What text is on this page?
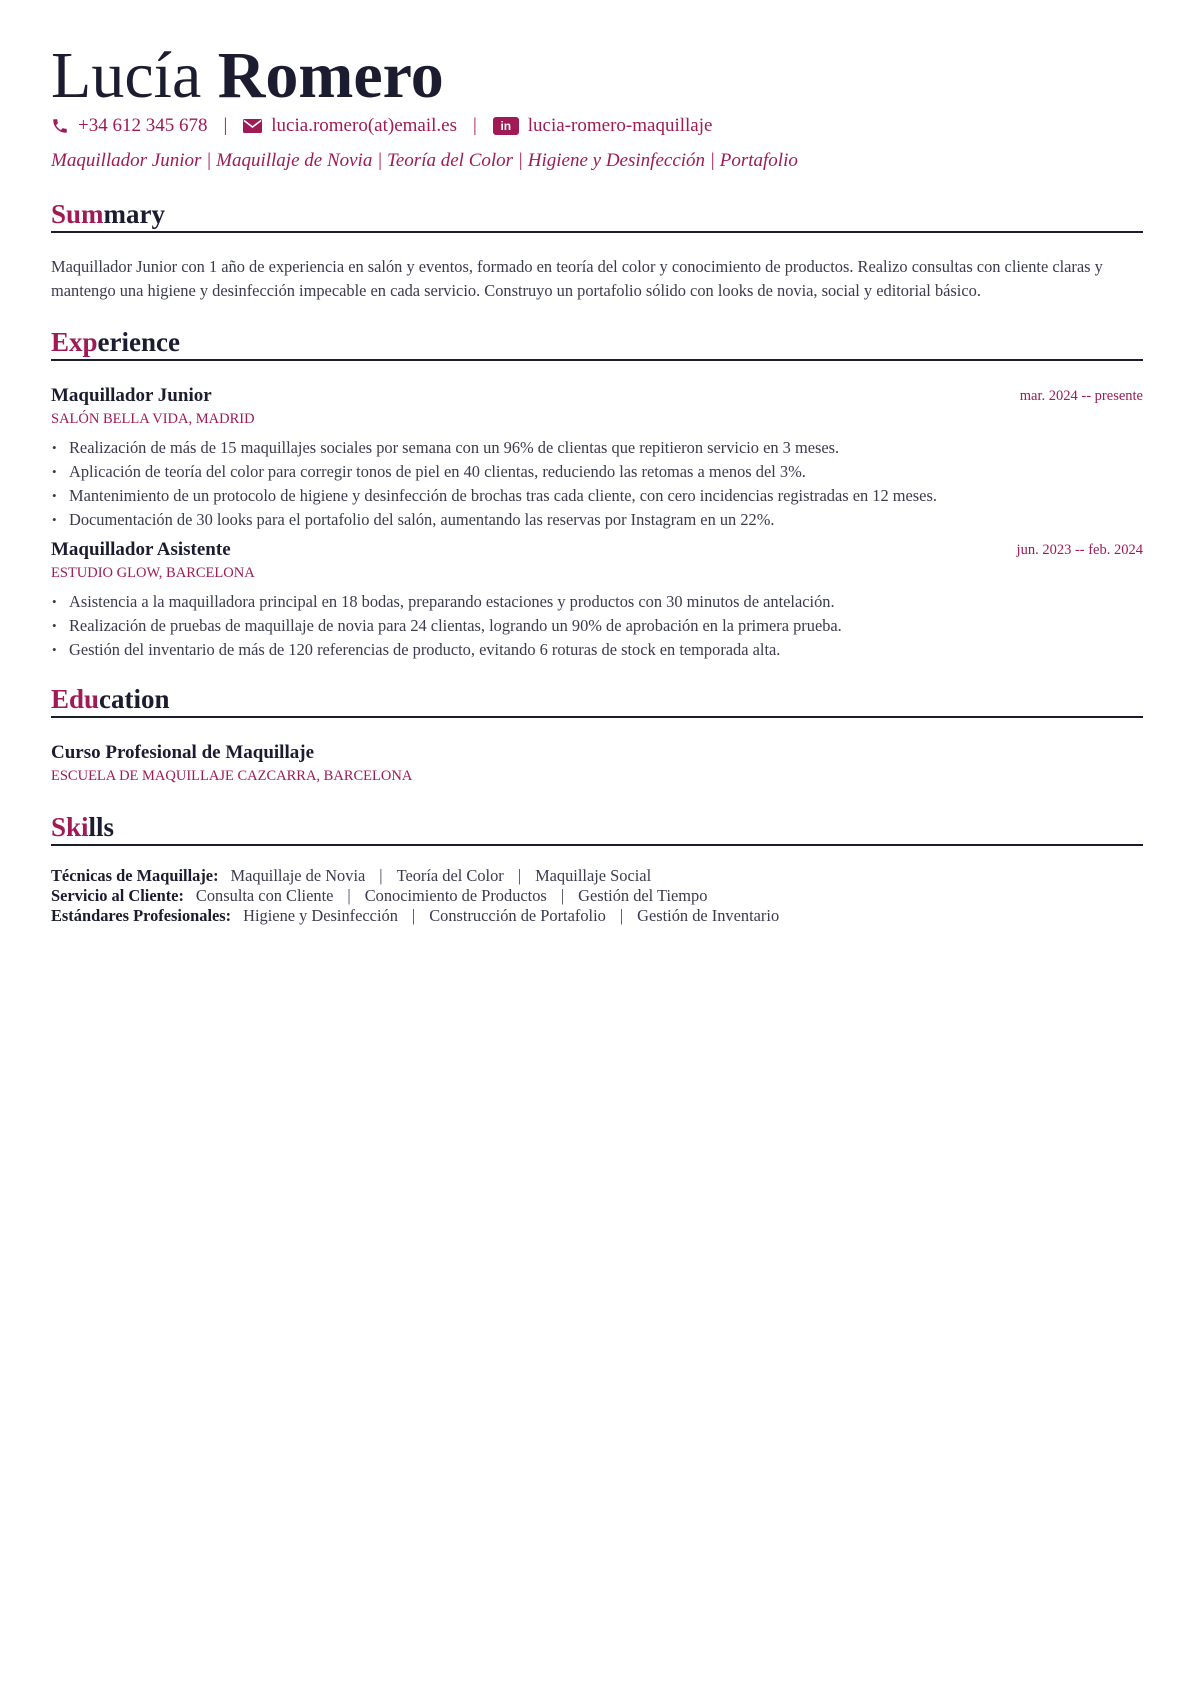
Lucía Romero
+34 612 345 678 | lucia.romero(at)email.es |	in lucia-romero-maquillaje
Maquillador Junior | Maquillaje de Novia | Teoría del Color | Higiene y Desinfección | Portafolio
Summary
Maquillador Junior con 1 año de experiencia en salón y eventos, formado en teoría del color y conocimiento de productos. Realizo consultas con cliente claras y mantengo una higiene y desinfección impecable en cada servicio. Construyo un portafolio sólido con looks de novia, social y editorial básico.
Experience
Maquillador Junior	mar. 2024 -- presente
SALÓN BELLA VIDA, MADRID
• Realización de más de 15 maquillajes sociales por semana con un 96% de clientas que repitieron servicio en 3 meses.
• Aplicación de teoría del color para corregir tonos de piel en 40 clientas, reduciendo las retomas a menos del 3%.
• Mantenimiento de un protocolo de higiene y desinfección de brochas tras cada cliente, con cero incidencias registradas en 12 meses.
• Documentación de 30 looks para el portafolio del salón, aumentando las reservas por Instagram en un 22%.
Maquillador Asistente	jun. 2023 -- feb. 2024
ESTUDIO GLOW, BARCELONA
• Asistencia a la maquilladora principal en 18 bodas, preparando estaciones y productos con 30 minutos de antelación.
• Realización de pruebas de maquillaje de novia para 24 clientas, logrando un 90% de aprobación en la primera prueba.
• Gestión del inventario de más de 120 referencias de producto, evitando 6 roturas de stock en temporada alta.
Education
Curso Profesional de Maquillaje
ESCUELA DE MAQUILLAJE CAZCARRA, BARCELONA
Skills
Técnicas de Maquillaje: Maquillaje de Novia | Teoría del Color | Maquillaje Social
Servicio al Cliente: Consulta con Cliente | Conocimiento de Productos | Gestión del Tiempo
Estándares Profesionales: Higiene y Desinfección | Construcción de Portafolio | Gestión de Inventario
